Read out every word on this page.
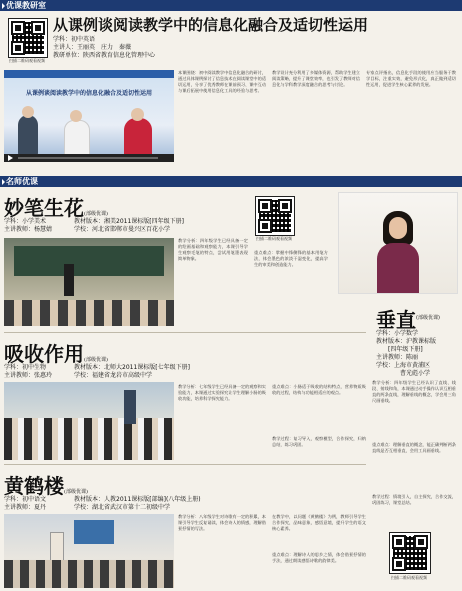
优课教研室
扫描二维码观看视频
从课例谈阅读教学中的信息化融合及适切性运用
学科：初中英语
主讲人：王丽英　庄力　秦薇
教研单位：陕西省教育信息化管理中心
从课例谈阅读教学中的信息化融合及适切性运用
本课围绕：初中阅读教学中信息化融合的研讨，通过具体课例探讨了信息技术在阅读课堂中的适切运用，分享了优秀教师在课前预习、课中互动与课后拓展中使用信息化工具的经验与思考。
教学设计充分利用了多媒体资源，帮助学生建立阅读策略，提升了课堂效率，也引发了教师对信息化与学科教学深度融合的思考与讨论。
专家点评指出，信息化手段的使用应当服务于教学目标，注重实效，避免形式化，真正做到适切性运用，促进学生核心素养的发展。
名师优课
妙笔生花(部级优课)
学科：小学美术	教材版本：湘美2011课标版[四年级下册]
主讲教师：杨慧婧	学校：河北省邯郸市曼兴区百花小学
扫描二维码观看视频
教学分析：四年级学生已经具备一定的绘画基础和观察能力，本课引导学生观察毛笔的特点，尝试用笔墨表现简单物象。
重点难点：掌握中锋侧锋的基本用笔方法，体会墨色的浓淡干湿变化，提高学生的审美和创造能力。
垂直 (部级优课)
学科：小学数学
教材版本：沪教课标版
[四年级下册]
主讲教师：陈丽
学校：上海市黄浦区
曹光彪小学
教学分析：四年级学生已经认识了直线、线段、射线和角，本课通过动手操作认识互相垂直的两条直线，理解垂线的概念，学会用三角尺画垂线。
重点难点：理解垂直的概念，能正确判断两条直线是否互相垂直，会用工具画垂线。
教学过程：情境引入，自主探究，合作交流，巩固练习，课堂总结。
扫描二维码观看视频
吸收作用(部级优课)
学科：初中生物	教材版本：北师大2011课标版[七年级下册]
主讲教师：张惠玲	学校：福建省龙岩市高级中学
教学分析：七年级学生已经具备一定的观察和实验能力，本课通过实验探究让学生理解小肠的吸收功能，培养科学探究能力。
重点难点：小肠适于吸收的结构特点，营养物质吸收的过程，结构与功能相适应的观点。
教学过程：复习导入，观察模型，合作探究，归纳总结，练习巩固。
黄鹤楼(部级优课)
学科：初中语文	教材版本：人教2011课标版[部编](八年级上册)
主讲教师：夏丹	学校：湖北省武汉市第十二初级中学
教学分析：八年级学生对诗歌有一定的积累，本课引导学生反复诵读，体会诗人的情感，理解借景抒情的写法。
在教学中，以问题《黄鹤楼》为例，教师引导学生合作探究，品味意象，感悟意境，提升学生的语文核心素养。
重点难点：理解诗人的思乡之情，体会借景抒情的手法，通过朗读感悟诗歌的韵律美。
